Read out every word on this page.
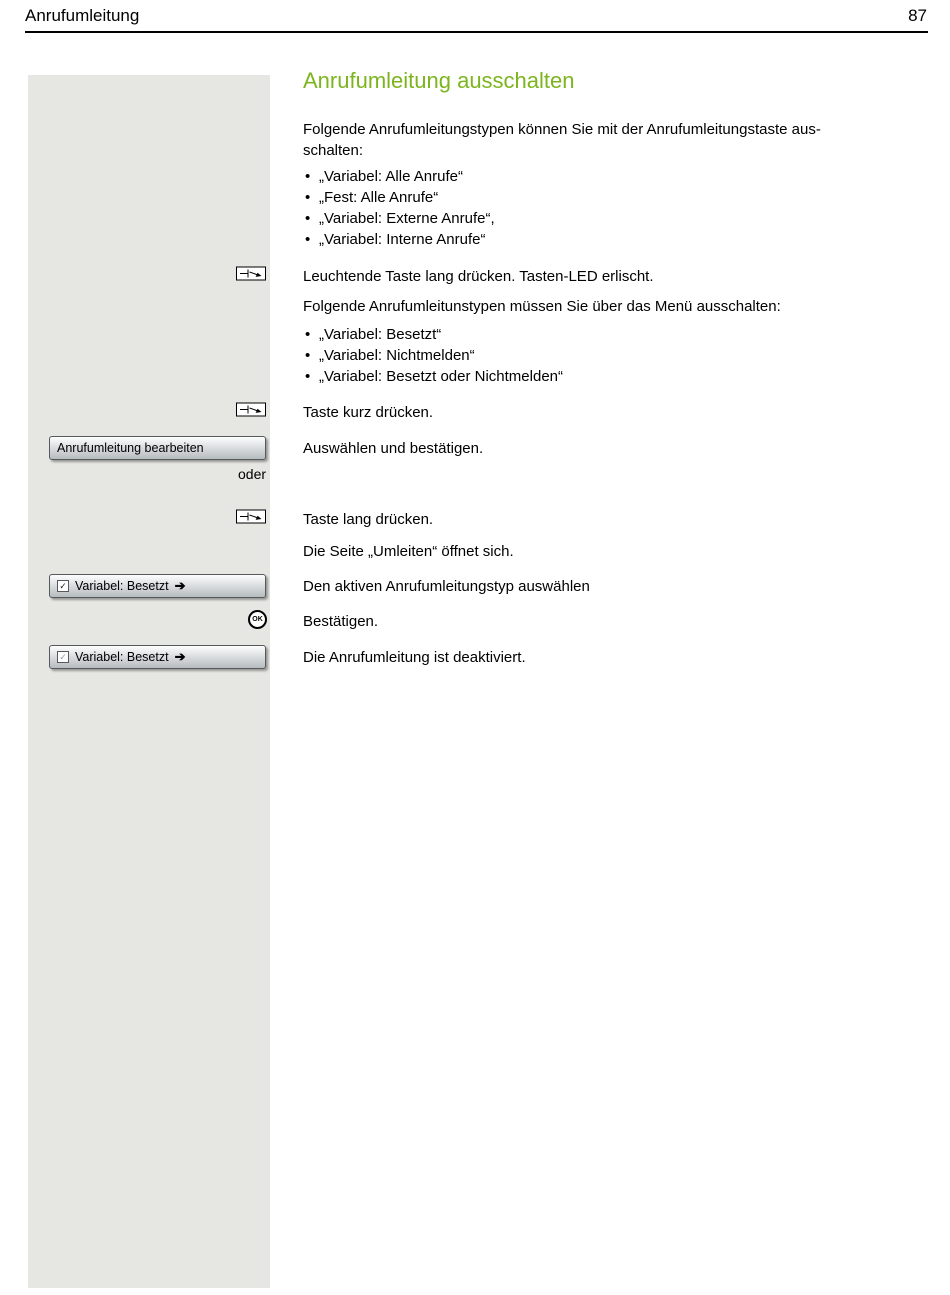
Anrufumleitung	87
Anrufumleitung ausschalten
Folgende Anrufumleitungstypen können Sie mit der Anrufumleitungstaste aus-
schalten:
• „Variabel: Alle Anrufe“
• „Fest: Alle Anrufe“
• „Variabel: Externe Anrufe“,
• „Variabel: Interne Anrufe“
Leuchtende Taste lang drücken. Tasten-LED erlischt.
Folgende Anrufumleitunstypen müssen Sie über das Menü ausschalten:
• „Variabel: Besetzt“
• „Variabel: Nichtmelden“
• „Variabel: Besetzt oder Nichtmelden“
Taste kurz drücken.
Anrufumleitung bearbeiten	Auswählen und bestätigen.
oder
Taste lang drücken.
Die Seite „Umleiten“ öffnet sich.
✓ Variabel: Besetzt ➔	Den aktiven Anrufumleitungstyp auswählen
OK	Bestätigen.
✓ Variabel: Besetzt ➔	Die Anrufumleitung ist deaktiviert.
